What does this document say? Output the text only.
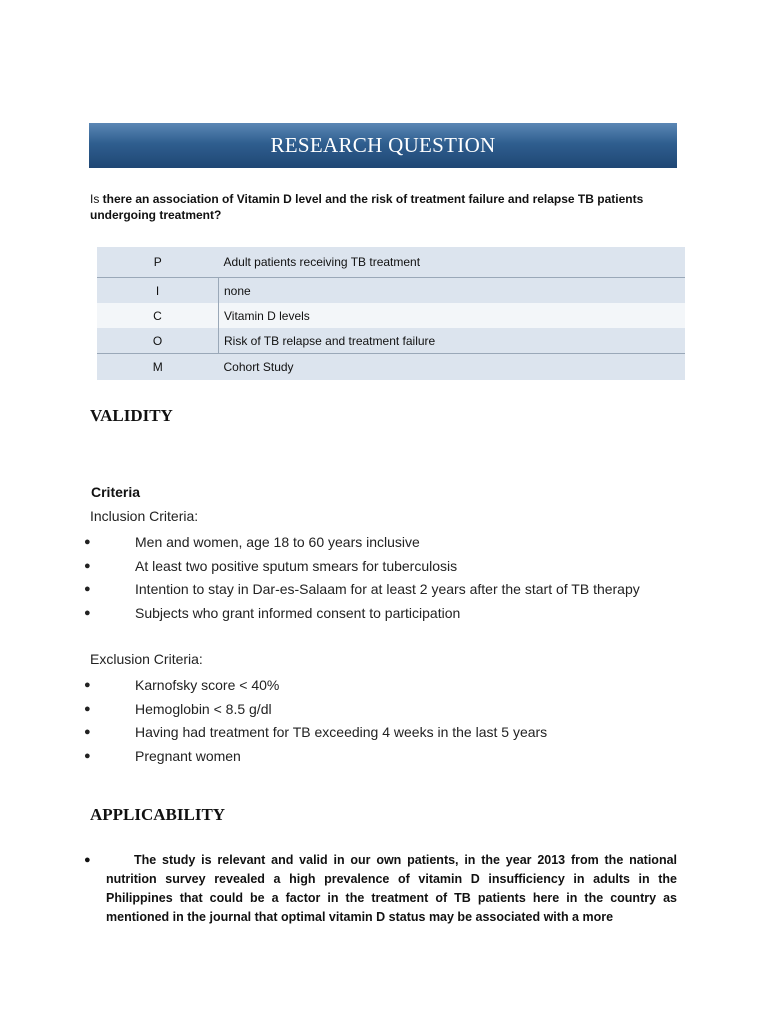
RESEARCH QUESTION
Is there an association of Vitamin D level and the risk of treatment failure and relapse TB patients undergoing treatment?
P	Adult patients receiving TB treatment
I	none
C	Vitamin D levels
O	Risk of TB relapse and treatment failure
M	Cohort Study
VALIDITY
Criteria
Inclusion Criteria:
●	Men and women, age 18 to 60 years inclusive
●	At least two positive sputum smears for tuberculosis
●	Intention to stay in Dar-es-Salaam for at least 2 years after the start of TB therapy
●	Subjects who grant informed consent to participation
Exclusion Criteria:
●	Karnofsky score < 40%
●	Hemoglobin < 8.5 g/dl
●	Having had treatment for TB exceeding 4 weeks in the last 5 years
●	Pregnant women
APPLICABILITY
●	The study is relevant and valid in our own patients, in the year 2013 from the national nutrition survey revealed a high prevalence of vitamin D insufficiency in adults in the Philippines that could be a factor in the treatment of TB patients here in the country as mentioned in the journal that optimal vitamin D status may be associated with a more
